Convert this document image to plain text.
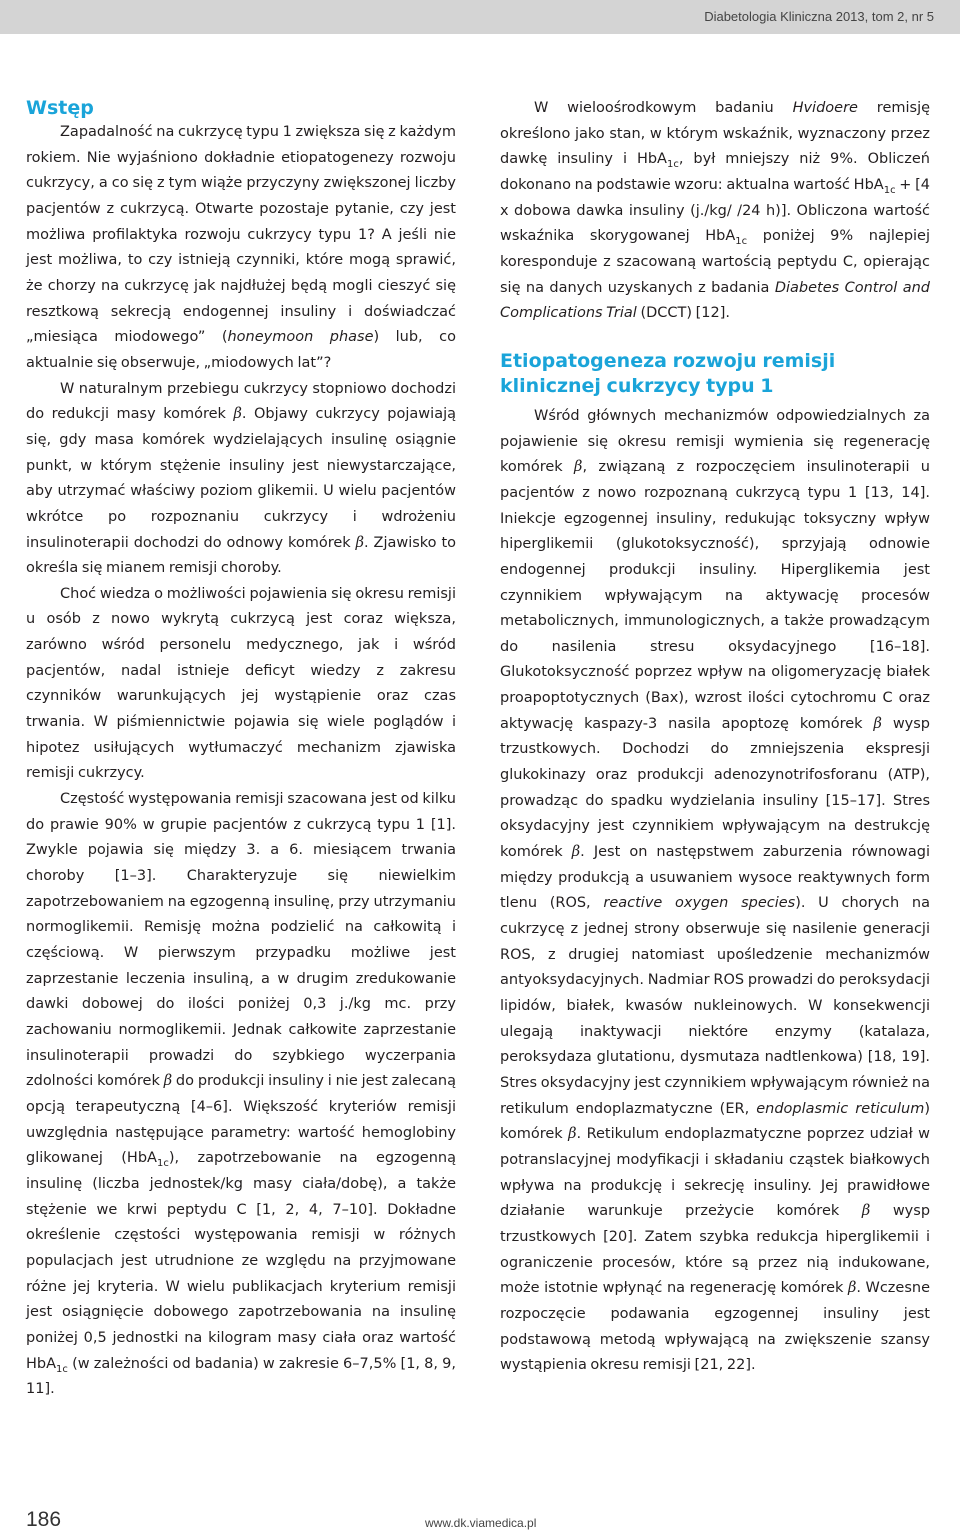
Diabetologia Kliniczna 2013, tom 2, nr 5
Wstęp

Zapadalność na cukrzycę typu 1 zwiększa się z każdym rokiem. Nie wyjaśniono dokładnie etiopatogenezy rozwoju cukrzycy, a co się z tym wiąże przyczyny zwiększonej liczby pacjentów z cukrzycą. Otwarte pozostaje pytanie, czy jest możliwa profilaktyka rozwoju cukrzycy typu 1? A jeśli nie jest możliwa, to czy istnieją czynniki, które mogą sprawić, że chorzy na cukrzycę jak najdłużej będą mogli cieszyć się resztkową sekrecją endogennej insuliny i doświadczać „miesiąca miodowego” (honeymoon phase) lub, co aktualnie się obserwuje, „miodowych lat”?

W naturalnym przebiegu cukrzycy stopniowo dochodzi do redukcji masy komórek β. Objawy cukrzycy pojawiają się, gdy masa komórek wydzielających insulinę osiągnie punkt, w którym stężenie insuliny jest niewystarczające, aby utrzymać właściwy poziom glikemii. U wielu pacjentów wkrótce po rozpoznaniu cukrzycy i wdrożeniu insulinoterapii dochodzi do odnowy komórek β. Zjawisko to określa się mianem remisji choroby.

Choć wiedza o możliwości pojawienia się okresu remisji u osób z nowo wykrytą cukrzycą jest coraz większa, zarówno wśród personelu medycznego, jak i wśród pacjentów, nadal istnieje deficyt wiedzy z zakresu czynników warunkujących jej wystąpienie oraz czas trwania. W piśmiennictwie pojawia się wiele poglądów i hipotez usiłujących wytłumaczyć mechanizm zjawiska remisji cukrzycy.

Częstość występowania remisji szacowana jest od kilku do prawie 90% w grupie pacjentów z cukrzycą typu 1 [1]. Zwykle pojawia się między 3. a 6. miesiącem trwania choroby [1–3]. Charakteryzuje się niewielkim zapotrzebowaniem na egzogenną insulinę, przy utrzymaniu normoglikemii. Remisję można podzielić na całkowitą i częściową. W pierwszym przypadku możliwe jest zaprzestanie leczenia insuliną, a w drugim zredukowanie dawki dobowej do ilości poniżej 0,3 j./kg mc. przy zachowaniu normoglikemii. Jednak całkowite zaprzestanie insulinoterapii prowadzi do szybkiego wyczerpania zdolności komórek β do produkcji insuliny i nie jest zalecaną opcją terapeutyczną [4–6]. Większość kryteriów remisji uwzględnia następujące parametry: wartość hemoglobiny glikowanej (HbA$_{1c}$), zapotrzebowanie na egzogenną insulinę (liczba jednostek/kg masy ciała/dobę), a także stężenie we krwi peptydu C [1, 2, 4, 7–10]. Dokładne określenie częstości występowania remisji w różnych populacjach jest utrudnione ze względu na przyjmowane różne jej kryteria. W wielu publikacjach kryterium remisji jest osiągnięcie dobowego zapotrzebowania na insulinę poniżej 0,5 jednostki na kilogram masy ciała oraz wartość HbA$_{1c}$ (w zależności od badania) w zakresie 6–7,5% [1, 8, 9, 11].

W wieloośrodkowym badaniu Hvidoere remisję określono jako stan, w którym wskaźnik, wyznaczony przez dawkę insuliny i HbA$_{1c}$, był mniejszy niż 9%. Obliczeń dokonano na podstawie wzoru: aktualna wartość HbA$_{1c}$ + [4 x dobowa dawka insuliny (j./kg/ /24 h)]. Obliczona wartość wskaźnika skorygowanej HbA$_{1c}$ poniżej 9% najlepiej koresponduje z szacowaną wartością peptydu C, opierając się na danych uzyskanych z badania Diabetes Control and Complications Trial (DCCT) [12].

Etiopatogeneza rozwoju remisji
klinicznej cukrzycy typu 1

Wśród głównych mechanizmów odpowiedzialnych za pojawienie się okresu remisji wymienia się regenerację komórek β, związaną z rozpoczęciem insulinoterapii u pacjentów z nowo rozpoznaną cukrzycą typu 1 [13, 14]. Iniekcje egzogennej insuliny, redukując toksyczny wpływ hiperglikemii (glukotoksyczność), sprzyjają odnowie endogennej produkcji insuliny. Hiperglikemia jest czynnikiem wpływającym na aktywację procesów metabolicznych, immunologicznych, a także prowadzącym do nasilenia stresu oksydacyjnego [16–18]. Glukotoksyczność poprzez wpływ na oligomeryzację białek proapoptotycznych (Bax), wzrost ilości cytochromu C oraz aktywację kaspazy-3 nasila apoptozę komórek β wysp trzustkowych. Dochodzi do zmniejszenia ekspresji glukokinazy oraz produkcji adenozynotrifosforanu (ATP), prowadząc do spadku wydzielania insuliny [15–17]. Stres oksydacyjny jest czynnikiem wpływającym na destrukcję komórek β. Jest on następstwem zaburzenia równowagi między produkcją a usuwaniem wysoce reaktywnych form tlenu (ROS, reactive oxygen species). U chorych na cukrzycę z jednej strony obserwuje się nasilenie generacji ROS, z drugiej natomiast upośledzenie mechanizmów antyoksydacyjnych. Nadmiar ROS prowadzi do peroksydacji lipidów, białek, kwasów nukleinowych. W konsekwencji ulegają inaktywacji niektóre enzymy (katalaza, peroksydaza glutationu, dysmutaza nadtlenkowa) [18, 19]. Stres oksydacyjny jest czynnikiem wpływającym również na retikulum endoplazmatyczne (ER, endoplasmic reticulum) komórek β. Retikulum endoplazmatyczne poprzez udział w potranslacyjnej modyfikacji i składaniu cząstek białkowych wpływa na produkcję i sekrecję insuliny. Jej prawidłowe działanie warunkuje przeżycie komórek β wysp trzustkowych [20]. Zatem szybka redukcja hiperglikemii i ograniczenie procesów, które są przez nią indukowane, może istotnie wpłynąć na regenerację komórek β. Wczesne rozpoczęcie podawania egzogennej insuliny jest podstawową metodą wpływającą na zwiększenie szansy wystąpienia okresu remisji [21, 22].

186	www.dk.viamedica.pl
